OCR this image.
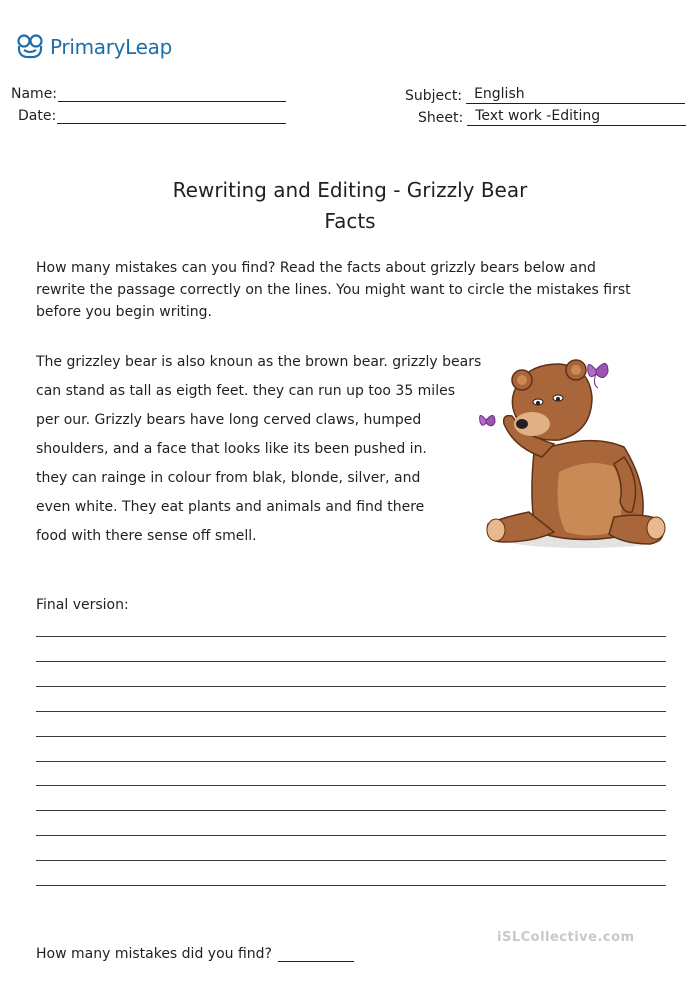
PrimaryLeap
Name:
Date:
Subject: English
Sheet: Text work -Editing
Rewriting and Editing - Grizzly Bear
Facts
How many mistakes can you find? Read the facts about grizzly bears below and
rewrite the passage correctly on the lines. You might want to circle the mistakes first
before you begin writing.
The grizzley bear is also knoun as the brown bear. grizzly bears
can stand as tall as eigth feet. they can run up too 35 miles
per our. Grizzly bears have long cerved claws, humped
shoulders, and a face that looks like its been pushed in.
they can rainge in colour from blak, blonde, silver, and
even white. They eat plants and animals and find there
food with there sense off smell.
Final version:
iSLCollective.com
How many mistakes did you find?
